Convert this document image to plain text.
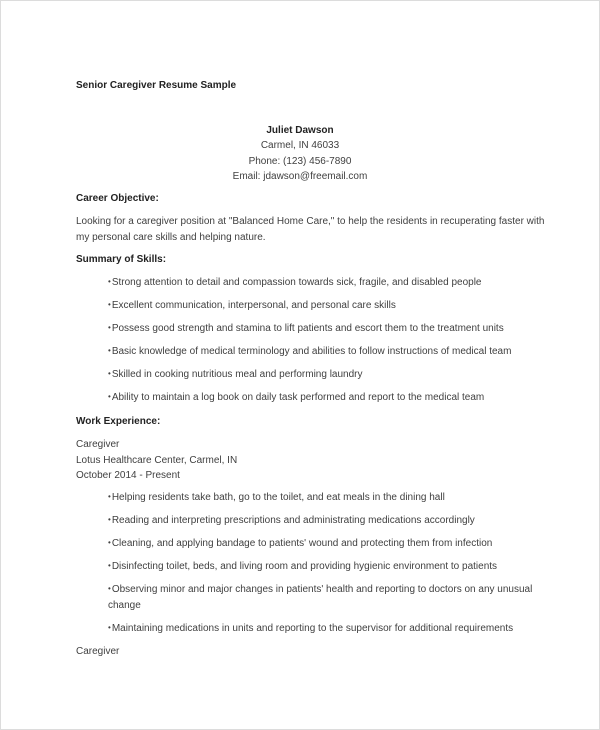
Senior Caregiver Resume Sample
Juliet Dawson
Carmel, IN 46033
Phone: (123) 456-7890
Email: jdawson@freemail.com
Career Objective:
Looking for a caregiver position at "Balanced Home Care," to help the residents in recuperating faster with
my personal care skills and helping nature.
Summary of Skills:
• Strong attention to detail and compassion towards sick, fragile, and disabled people
• Excellent communication, interpersonal, and personal care skills
• Possess good strength and stamina to lift patients and escort them to the treatment units
• Basic knowledge of medical terminology and abilities to follow instructions of medical team
• Skilled in cooking nutritious meal and performing laundry
• Ability to maintain a log book on daily task performed and report to the medical team
Work Experience:
Caregiver
Lotus Healthcare Center, Carmel, IN
October 2014 - Present
• Helping residents take bath, go to the toilet, and eat meals in the dining hall
• Reading and interpreting prescriptions and administrating medications accordingly
• Cleaning, and applying bandage to patients' wound and protecting them from infection
• Disinfecting toilet, beds, and living room and providing hygienic environment to patients
• Observing minor and major changes in patients' health and reporting to doctors on any unusual
change
• Maintaining medications in units and reporting to the supervisor for additional requirements
Caregiver
